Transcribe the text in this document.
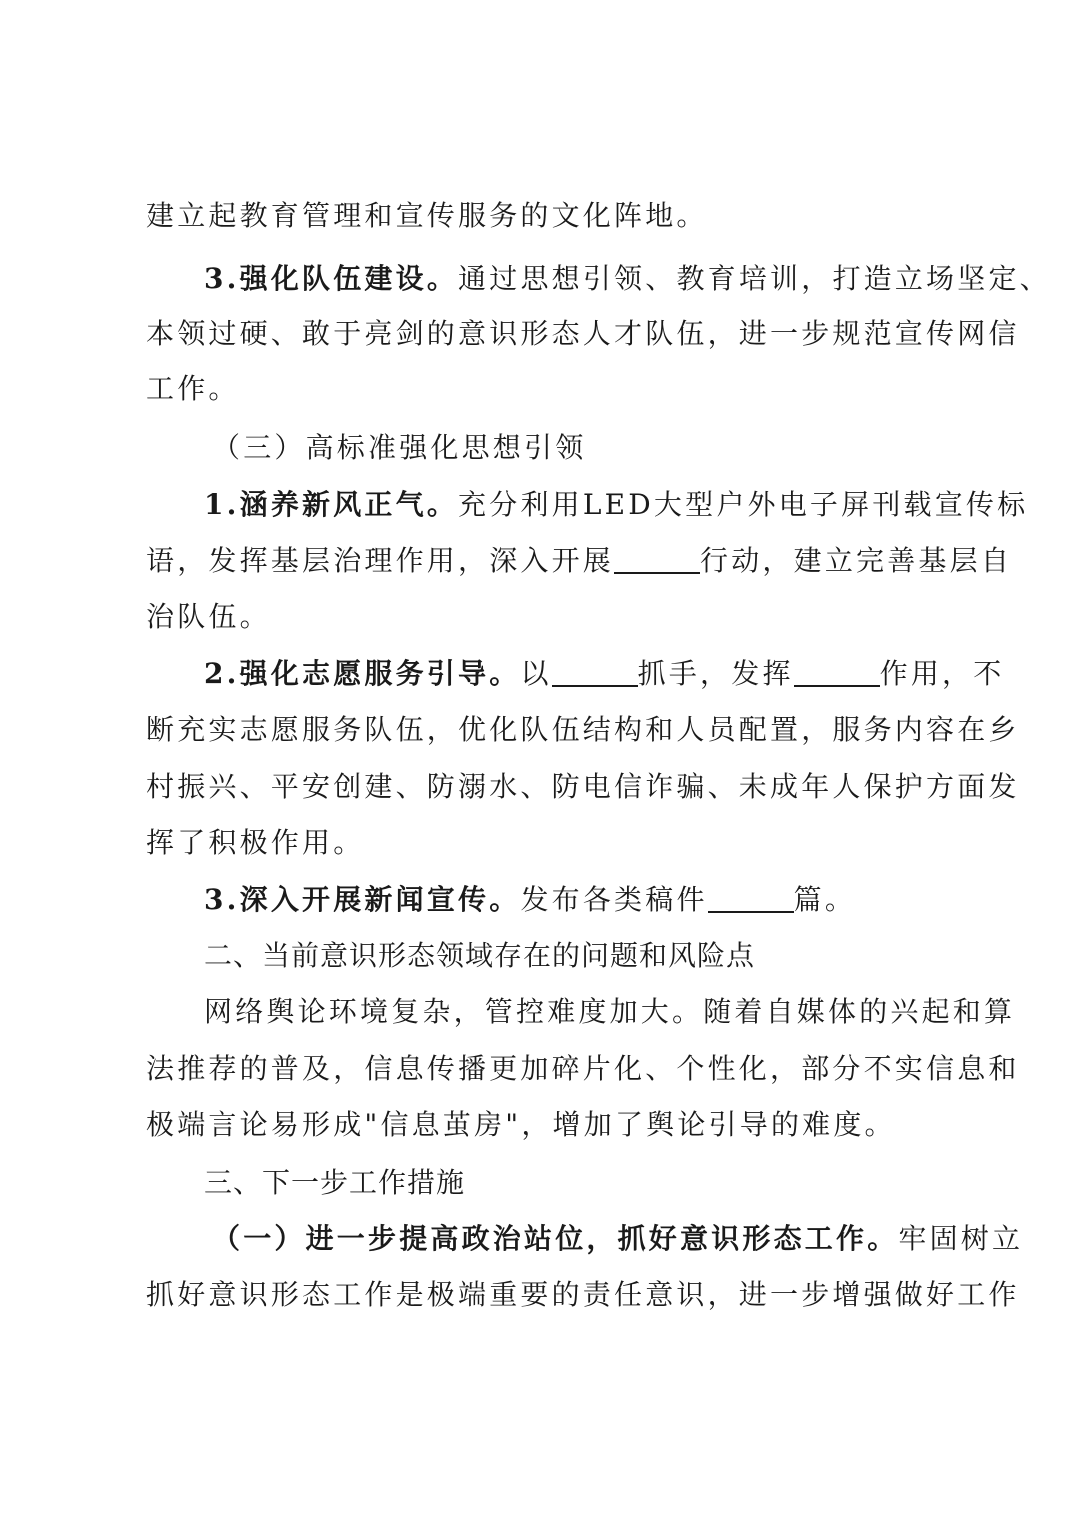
建立起教育管理和宣传服务的文化阵地。
3.强化队伍建设。通过思想引领、教育培训，打造立场坚定、
本领过硬、敢于亮剑的意识形态人才队伍，进一步规范宣传网信
工作。
（三）高标准强化思想引领
1.涵养新风正气。充分利用LED大型户外电子屏刊载宣传标
语，发挥基层治理作用，深入开展	行动，建立完善基层自
治队伍。
2.强化志愿服务引导。以	抓手，发挥	作用，不
断充实志愿服务队伍，优化队伍结构和人员配置，服务内容在乡
村振兴、平安创建、防溺水、防电信诈骗、未成年人保护方面发
挥了积极作用。
3.深入开展新闻宣传。发布各类稿件	篇。
二、当前意识形态领域存在的问题和风险点
网络舆论环境复杂，管控难度加大。随着自媒体的兴起和算
法推荐的普及，信息传播更加碎片化、个性化，部分不实信息和
极端言论易形成"信息茧房"，增加了舆论引导的难度。
三、下一步工作措施
（一）进一步提高政治站位，抓好意识形态工作。牢固树立
抓好意识形态工作是极端重要的责任意识，进一步增强做好工作
